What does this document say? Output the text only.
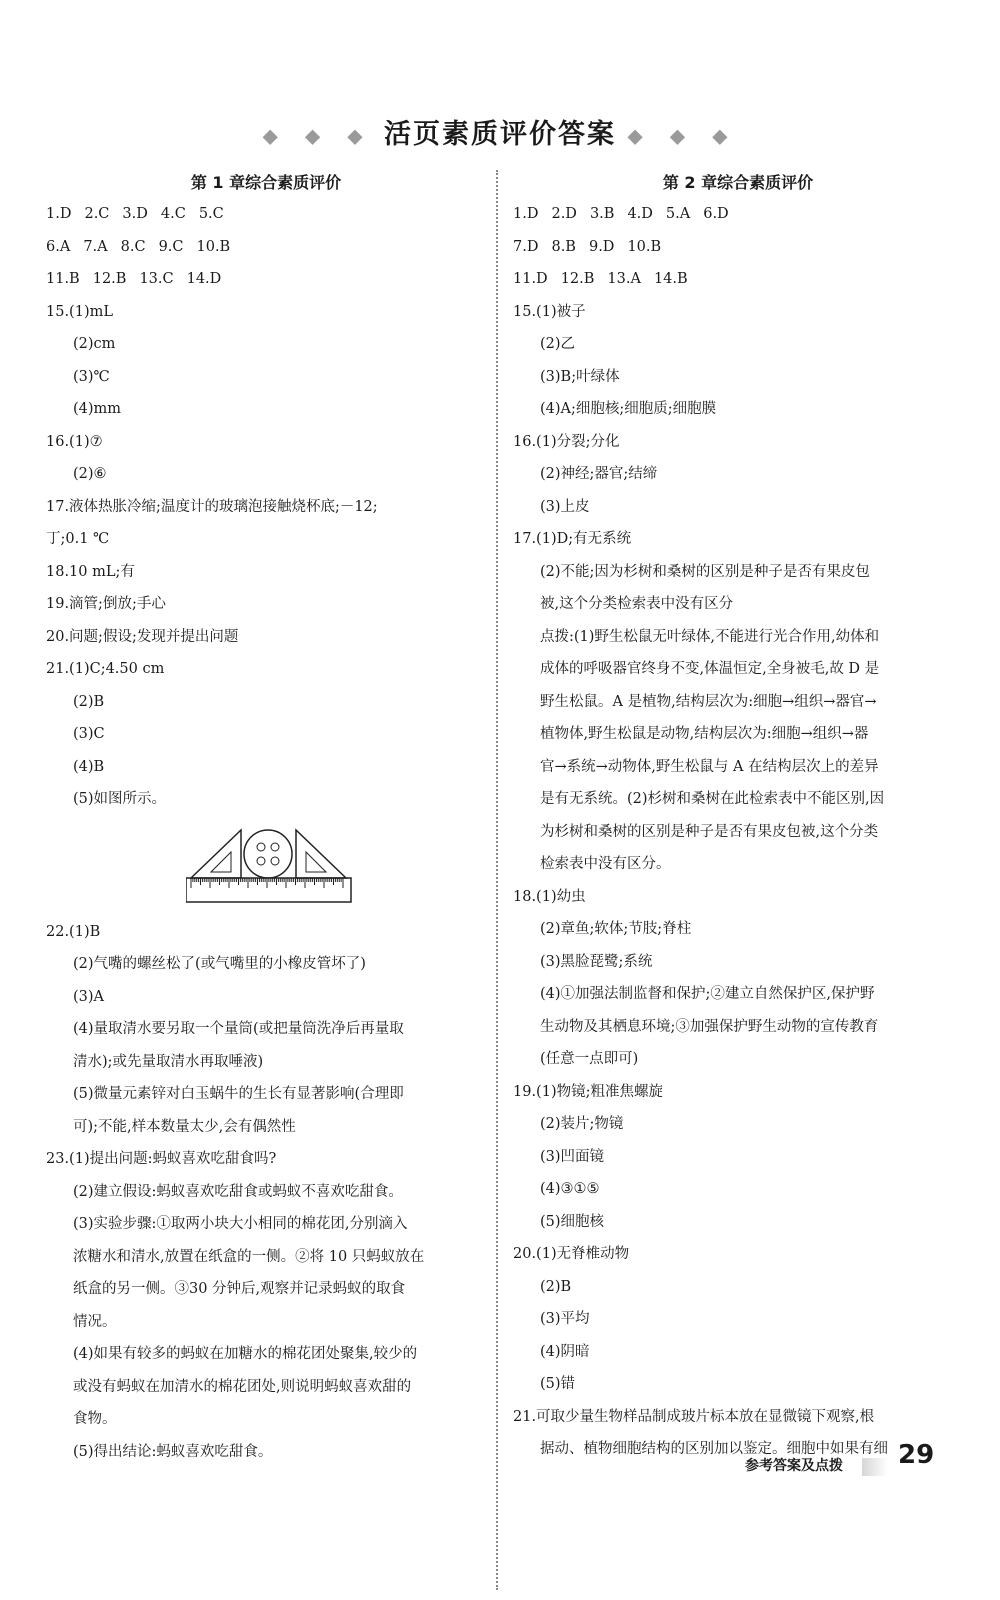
◆ ◆ ◆ 活页素质评价答案 ◆ ◆ ◆
第 1 章综合素质评价
1.D 2.C 3.D 4.C 5.C
6.A 7.A 8.C 9.C 10.B
11.B 12.B 13.C 14.D
15.(1)mL
(2)cm
(3)℃
(4)mm
16.(1)⑦
(2)⑥
17.液体热胀冷缩;温度计的玻璃泡接触烧杯底;－12;
丁;0.1 ℃
18.10 mL;有
19.滴管;倒放;手心
20.问题;假设;发现并提出问题
21.(1)C;4.50 cm
(2)B
(3)C
(4)B
(5)如图所示。
22.(1)B
(2)气嘴的螺丝松了(或气嘴里的小橡皮管坏了)
(3)A
(4)量取清水要另取一个量筒(或把量筒洗净后再量取
清水);或先量取清水再取唾液)
(5)微量元素锌对白玉蜗牛的生长有显著影响(合理即
可);不能,样本数量太少,会有偶然性
23.(1)提出问题:蚂蚁喜欢吃甜食吗?
(2)建立假设:蚂蚁喜欢吃甜食或蚂蚁不喜欢吃甜食。
(3)实验步骤:①取两小块大小相同的棉花团,分别滴入
浓糖水和清水,放置在纸盒的一侧。②将 10 只蚂蚁放在
纸盒的另一侧。③30 分钟后,观察并记录蚂蚁的取食
情况。
(4)如果有较多的蚂蚁在加糖水的棉花团处聚集,较少的
或没有蚂蚁在加清水的棉花团处,则说明蚂蚁喜欢甜的
食物。
(5)得出结论:蚂蚁喜欢吃甜食。
第 2 章综合素质评价
1.D 2.D 3.B 4.D 5.A 6.D
7.D 8.B 9.D 10.B
11.D 12.B 13.A 14.B
15.(1)被子
(2)乙
(3)B;叶绿体
(4)A;细胞核;细胞质;细胞膜
16.(1)分裂;分化
(2)神经;器官;结缔
(3)上皮
17.(1)D;有无系统
(2)不能;因为杉树和桑树的区别是种子是否有果皮包
被,这个分类检索表中没有区分
点拨:(1)野生松鼠无叶绿体,不能进行光合作用,幼体和
成体的呼吸器官终身不变,体温恒定,全身被毛,故 D 是
野生松鼠。A 是植物,结构层次为:细胞→组织→器官→
植物体,野生松鼠是动物,结构层次为:细胞→组织→器
官→系统→动物体,野生松鼠与 A 在结构层次上的差异
是有无系统。(2)杉树和桑树在此检索表中不能区别,因
为杉树和桑树的区别是种子是否有果皮包被,这个分类
检索表中没有区分。
18.(1)幼虫
(2)章鱼;软体;节肢;脊柱
(3)黑脸琵鹭;系统
(4)①加强法制监督和保护;②建立自然保护区,保护野
生动物及其栖息环境;③加强保护野生动物的宣传教育
(任意一点即可)
19.(1)物镜;粗准焦螺旋
(2)装片;物镜
(3)凹面镜
(4)③①⑤
(5)细胞核
20.(1)无脊椎动物
(2)B
(3)平均
(4)阴暗
(5)错
21.可取少量生物样品制成玻片标本放在显微镜下观察,根
据动、植物细胞结构的区别加以鉴定。细胞中如果有细
参考答案及点拨 29
